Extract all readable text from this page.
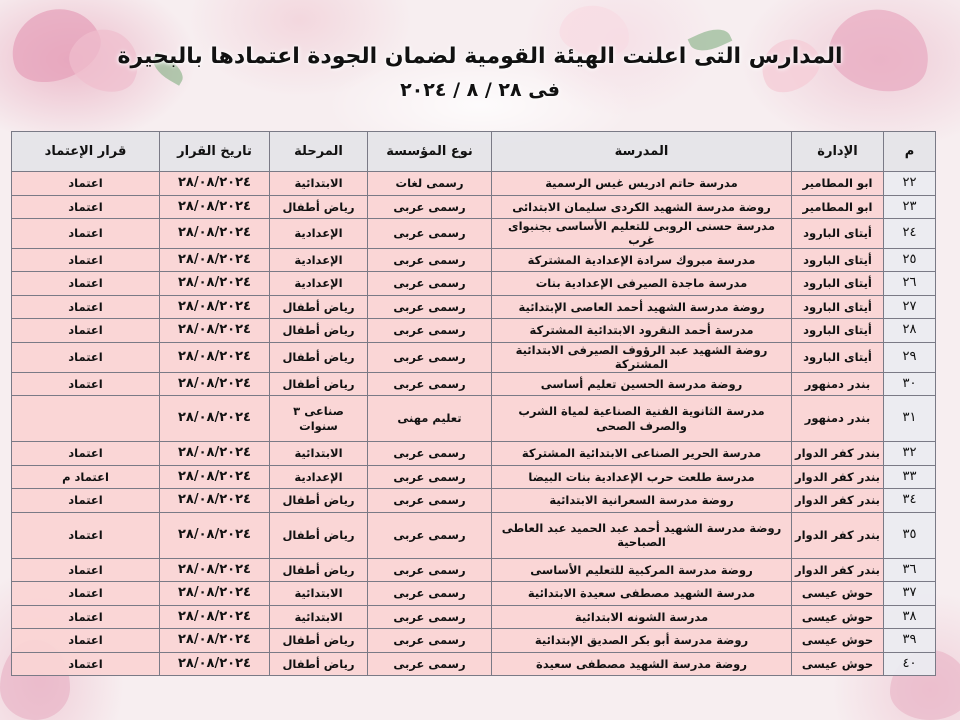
المدارس التى اعلنت الهيئة القومية لضمان الجودة اعتمادها بالبحيرة
فى ٢٨ / ٨ / ٢٠٢٤
م	الإدارة	المدرسة	نوع المؤسسة	المرحلة	تاريخ القرار	قرار الإعتماد
٢٢	ابو المطامير	مدرسة حاتم ادريس غيس الرسمية	رسمى لغات	الابتدائية	٢٨/٠٨/٢٠٢٤	اعتماد
٢٣	ابو المطامير	روضة مدرسة الشهيد الكردى سليمان الابتدائى	رسمى عربى	رياض أطفال	٢٨/٠٨/٢٠٢٤	اعتماد
٢٤	أيتاى البارود	مدرسة حسنى الروبى للتعليم الأساسى بجنبواى غرب	رسمى عربى	الإعدادية	٢٨/٠٨/٢٠٢٤	اعتماد
٢٥	أيتاى البارود	مدرسة مبروك سرادة الإعدادية المشتركة	رسمى عربى	الإعدادية	٢٨/٠٨/٢٠٢٤	اعتماد
٢٦	أيتاى البارود	مدرسة ماجدة الصيرفى الإعدادية بنات	رسمى عربى	الإعدادية	٢٨/٠٨/٢٠٢٤	اعتماد
٢٧	أيتاى البارود	روضة مدرسة الشهيد أحمد العاصى الإبتدائية	رسمى عربى	رياض أطفال	٢٨/٠٨/٢٠٢٤	اعتماد
٢٨	أيتاى البارود	مدرسة أحمد النقرود الابتدائية المشتركة	رسمى عربى	رياض أطفال	٢٨/٠٨/٢٠٢٤	اعتماد
٢٩	أيتاى البارود	روضة الشهيد عبد الرؤوف الصيرفى الابتدائية المشتركة	رسمى عربى	رياض أطفال	٢٨/٠٨/٢٠٢٤	اعتماد
٣٠	بندر دمنهور	روضة مدرسة الحسين تعليم أساسى	رسمى عربى	رياض أطفال	٢٨/٠٨/٢٠٢٤	اعتماد
٣١	بندر دمنهور	مدرسة الثانوية الفنية الصناعية لمياة الشرب والصرف الصحى	تعليم مهنى	صناعى ٣ سنوات	٢٨/٠٨/٢٠٢٤	
٣٢	بندر كفر الدوار	مدرسة الحرير الصناعى الابتدائية المشتركة	رسمى عربى	الابتدائية	٢٨/٠٨/٢٠٢٤	اعتماد
٣٣	بندر كفر الدوار	مدرسة طلعت حرب الإعدادية بنات البيضا	رسمى عربى	الإعدادية	٢٨/٠٨/٢٠٢٤	اعتماد م
٣٤	بندر كفر الدوار	روضة مدرسة السعرانية الابتدائية	رسمى عربى	رياض أطفال	٢٨/٠٨/٢٠٢٤	اعتماد
٣٥	بندر كفر الدوار	روضة مدرسة الشهيد أحمد عبد الحميد عبد العاطى الصباحية	رسمى عربى	رياض أطفال	٢٨/٠٨/٢٠٢٤	اعتماد
٣٦	بندر كفر الدوار	روضة مدرسة المركبية للتعليم الأساسى	رسمى عربى	رياض أطفال	٢٨/٠٨/٢٠٢٤	اعتماد
٣٧	حوش عيسى	مدرسة الشهيد مصطفى سعيدة الابتدائية	رسمى عربى	الابتدائية	٢٨/٠٨/٢٠٢٤	اعتماد
٣٨	حوش عيسى	مدرسة الشونه الابتدائية	رسمى عربى	الابتدائية	٢٨/٠٨/٢٠٢٤	اعتماد
٣٩	حوش عيسى	روضة مدرسة أبو بكر الصديق الإبتدائية	رسمى عربى	رياض أطفال	٢٨/٠٨/٢٠٢٤	اعتماد
٤٠	حوش عيسى	روضة مدرسة الشهيد مصطفى سعيدة	رسمى عربى	رياض أطفال	٢٨/٠٨/٢٠٢٤	اعتماد
